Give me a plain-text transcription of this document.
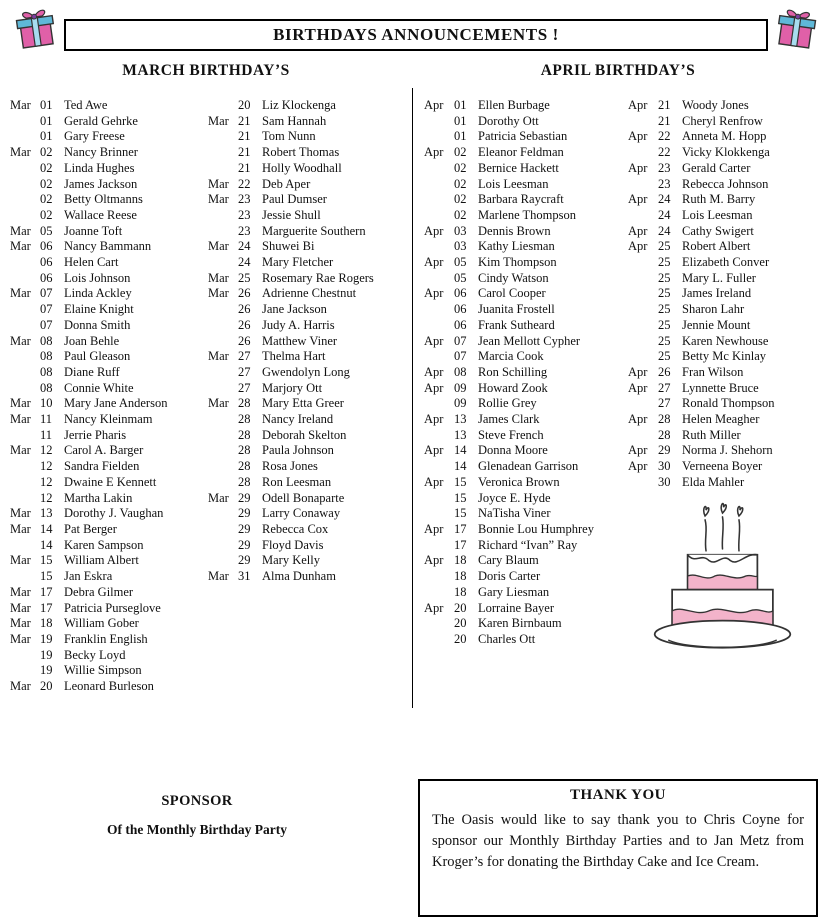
BIRTHDAYS ANNOUNCEMENTS !
MARCH BIRTHDAY’S	APRIL BIRTHDAY’S
Mar 01 Ted Awe
01 Gerald Gehrke
01 Gary Freese
Mar 02 Nancy Brinner
02 Linda Hughes
02 James Jackson
02 Betty Oltmanns
02 Wallace Reese
Mar 05 Joanne Toft
Mar 06 Nancy Bammann
06 Helen Cart
06 Lois Johnson
Mar 07 Linda Ackley
07 Elaine Knight
07 Donna Smith
Mar 08 Joan Behle
08 Paul Gleason
08 Diane Ruff
08 Connie White
Mar 10 Mary Jane Anderson
Mar 11 Nancy Kleinmam
11 Jerrie Pharis
Mar 12 Carol A. Barger
12 Sandra Fielden
12 Dwaine E Kennett
12 Martha Lakin
Mar 13 Dorothy J. Vaughan
Mar 14 Pat Berger
14 Karen Sampson
Mar 15 William Albert
15 Jan Eskra
Mar 17 Debra Gilmer
Mar 17 Patricia Purseglove
Mar 18 William Gober
Mar 19 Franklin English
19 Becky Loyd
19 Willie Simpson
Mar 20 Leonard Burleson
20 Liz Klockenga
Mar 21 Sam Hannah
21 Tom Nunn
21 Robert Thomas
21 Holly Woodhall
Mar 22 Deb Aper
Mar 23 Paul Dumser
23 Jessie Shull
23 Marguerite Southern
Mar 24 Shuwei Bi
24 Mary Fletcher
Mar 25 Rosemary Rae Rogers
Mar 26 Adrienne Chestnut
26 Jane Jackson
26 Judy A. Harris
26 Matthew Viner
Mar 27 Thelma Hart
27 Gwendolyn Long
27 Marjory Ott
Mar 28 Mary Etta Greer
28 Nancy Ireland
28 Deborah Skelton
28 Paula Johnson
28 Rosa Jones
28 Ron Leesman
Mar 29 Odell Bonaparte
29 Larry Conaway
29 Rebecca Cox
29 Floyd Davis
29 Mary Kelly
Mar 31 Alma Dunham
Apr 01 Ellen Burbage
01 Dorothy Ott
01 Patricia Sebastian
Apr 02 Eleanor Feldman
02 Bernice Hackett
02 Lois Leesman
02 Barbara Raycraft
02 Marlene Thompson
Apr 03 Dennis Brown
03 Kathy Liesman
Apr 05 Kim Thompson
05 Cindy Watson
Apr 06 Carol Cooper
06 Juanita Frostell
06 Frank Sutheard
Apr 07 Jean Mellott Cypher
07 Marcia Cook
Apr 08 Ron Schilling
Apr 09 Howard Zook
09 Rollie Grey
Apr 13 James Clark
13 Steve French
Apr 14 Donna Moore
14 Glenadean Garrison
Apr 15 Veronica Brown
15 Joyce E. Hyde
15 NaTisha Viner
Apr 17 Bonnie Lou Humphrey
17 Richard “Ivan” Ray
Apr 18 Cary Blaum
18 Doris Carter
18 Gary Liesman
Apr 20 Lorraine Bayer
20 Karen Birnbaum
20 Charles Ott
Apr 21 Woody Jones
21 Cheryl Renfrow
Apr 22 Anneta M. Hopp
22 Vicky Klokkenga
Apr 23 Gerald Carter
23 Rebecca Johnson
Apr 24 Ruth M. Barry
24 Lois Leesman
Apr 24 Cathy Swigert
Apr 25 Robert Albert
25 Elizabeth Conver
25 Mary L. Fuller
25 James Ireland
25 Sharon Lahr
25 Jennie Mount
25 Karen Newhouse
25 Betty Mc Kinlay
Apr 26 Fran Wilson
Apr 27 Lynnette Bruce
27 Ronald Thompson
Apr 28 Helen Meagher
28 Ruth Miller
Apr 29 Norma J. Shehorn
Apr 30 Verneena Boyer
30 Elda Mahler
SPONSOR
Of the Monthly Birthday Party
THANK YOU

The Oasis would like to say thank you to Chris Coyne for sponsor our Monthly Birthday Parties and to Jan Metz from Kroger’s for donating the Birthday Cake and Ice Cream.
